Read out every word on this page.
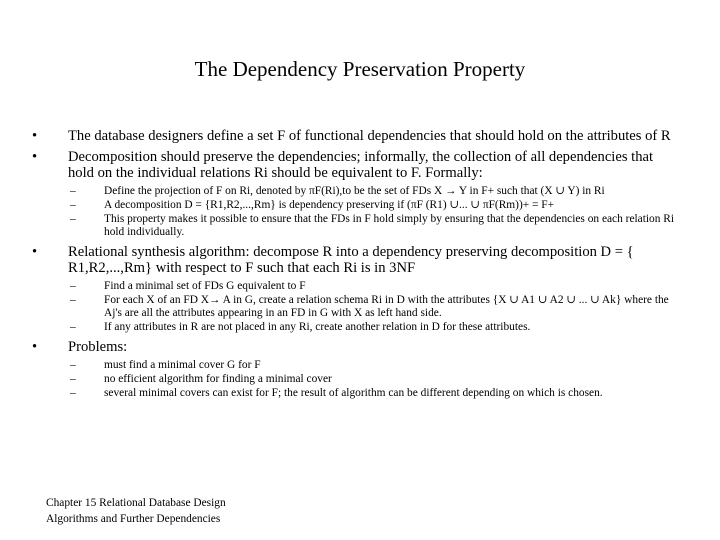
The Dependency Preservation Property
•	The database designers define a set F of functional dependencies that should hold on the attributes of R
•	Decomposition should preserve the dependencies; informally, the collection of all dependencies that hold on the individual relations Ri should be equivalent to F. Formally:
–	Define the projection of F on Ri, denoted by πF(Ri),to be the set of FDs X → Y in F+ such that (X ∪ Y) in Ri
–	A decomposition D = {R1,R2,...,Rm} is dependency preserving if (πF (R1) ∪... ∪ πF(Rm))+ = F+
–	This property makes it possible to ensure that the FDs in F hold simply by ensuring that the dependencies on each relation Ri hold individually.
•	Relational synthesis algorithm: decompose R into a dependency preserving decomposition D = { R1,R2,...,Rm} with respect to F such that each Ri is in 3NF
–	Find a minimal set of FDs G equivalent to F
–	For each X of an FD X→ A in G, create a relation schema Ri in D with the attributes {X ∪ A1 ∪ A2 ∪ ... ∪ Ak} where the Aj's are all the attributes appearing in an FD in G with X as left hand side.
–	If any attributes in R are not placed in any Ri, create another relation in D for these attributes.
•	Problems:
–	must find a minimal cover G for F
–	no efficient algorithm for finding a minimal cover
–	several minimal covers can exist for F; the result of algorithm can be different depending on which is chosen.
Chapter 15 Relational Database Design
Algorithms and Further Dependencies
